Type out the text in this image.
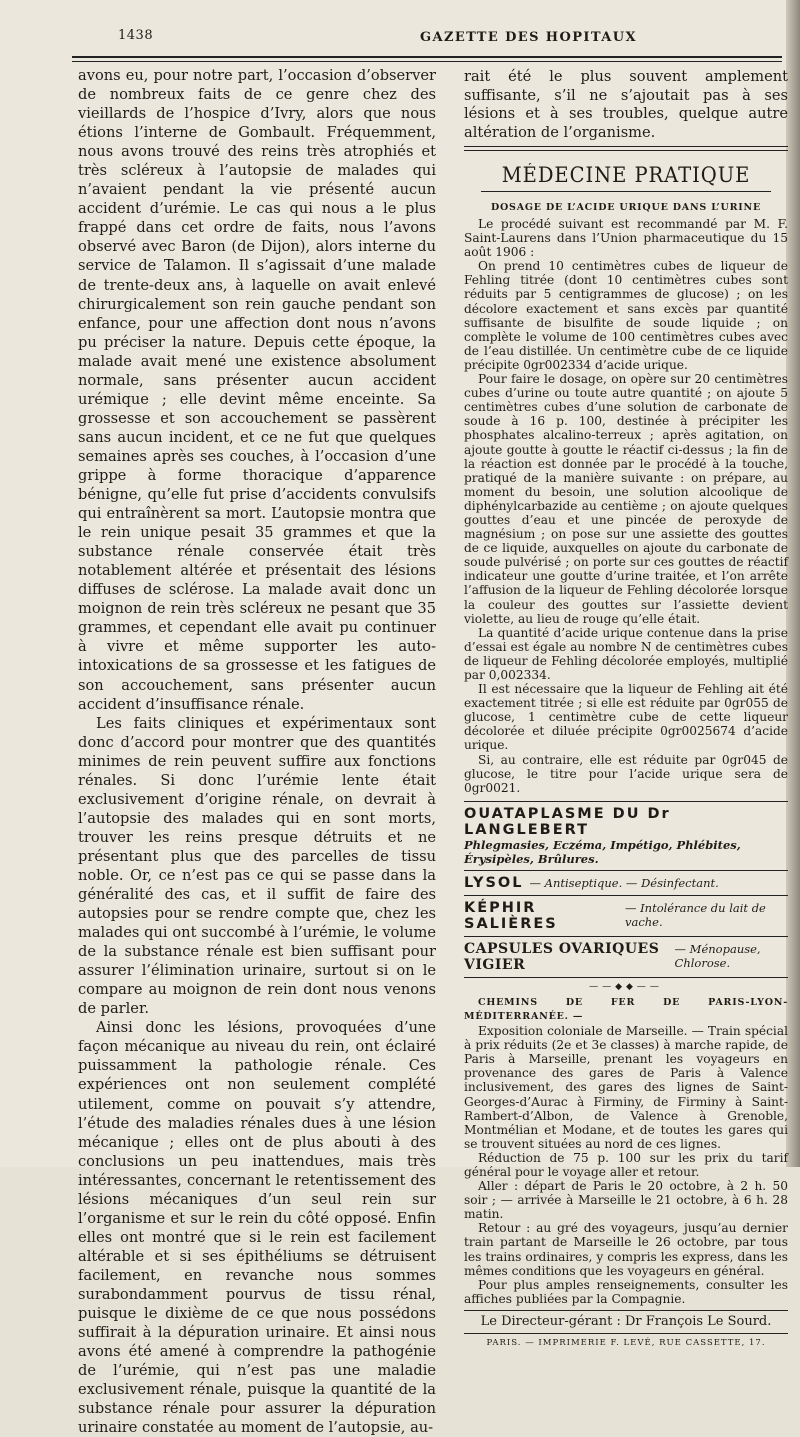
1438	GAZETTE DES HOPITAUX

avons eu, pour notre part, l’occasion d’observer de nombreux faits de ce genre chez des vieillards de l’hospice d’Ivry, alors que nous étions l’interne de Gombault. Fréquemment, nous avons trouvé des reins très atrophiés et très scléreux à l’autopsie de malades qui n’avaient pendant la vie présenté aucun accident d’urémie. Le cas qui nous a le plus frappé dans cet ordre de faits, nous l’avons observé avec Baron (de Dijon), alors interne du service de Talamon. Il s’agissait d’une malade de trente-deux ans, à laquelle on avait enlevé chirurgicalement son rein gauche pendant son enfance, pour une affection dont nous n’avons pu préciser la nature. Depuis cette époque, la malade avait mené une existence absolument normale, sans présenter aucun accident urémique ; elle devint même enceinte. Sa grossesse et son accouchement se passèrent sans aucun incident, et ce ne fut que quelques semaines après ses couches, à l’occasion d’une grippe à forme thoracique d’apparence bénigne, qu’elle fut prise d’accidents convulsifs qui entraînèrent sa mort. L’autopsie montra que le rein unique pesait 35 grammes et que la substance rénale conservée était très notablement altérée et présentait des lésions diffuses de sclérose. La malade avait donc un moignon de rein très scléreux ne pesant que 35 grammes, et cependant elle avait pu continuer à vivre et même supporter les auto-intoxications de sa grossesse et les fatigues de son accouchement, sans présenter aucun accident d’insuffisance rénale.

Les faits cliniques et expérimentaux sont donc d’accord pour montrer que des quantités minimes de rein peuvent suffire aux fonctions rénales. Si donc l’urémie lente était exclusivement d’origine rénale, on devrait à l’autopsie des malades qui en sont morts, trouver les reins presque détruits et ne présentant plus que des parcelles de tissu noble. Or, ce n’est pas ce qui se passe dans la généralité des cas, et il suffit de faire des autopsies pour se rendre compte que, chez les malades qui ont succombé à l’urémie, le volume de la substance rénale est bien suffisant pour assurer l’élimination urinaire, surtout si on le compare au moignon de rein dont nous venons de parler.

Ainsi donc les lésions, provoquées d’une façon mécanique au niveau du rein, ont éclairé puissamment la pathologie rénale. Ces expériences ont non seulement complété utilement, comme on pouvait s’y attendre, l’étude des maladies rénales dues à une lésion mécanique ; elles ont de plus abouti à des conclusions un peu inattendues, mais très intéressantes, concernant le retentissement des lésions mécaniques d’un seul rein sur l’organisme et sur le rein du côté opposé. Enfin elles ont montré que si le rein est facilement altérable et si ses épithéliums se détruisent facilement, en revanche nous sommes surabondamment pourvus de tissu rénal, puisque le dixième de ce que nous possédons suffirait à la dépuration urinaire. Et ainsi nous avons été amené à comprendre la pathogénie de l’urémie, qui n’est pas une maladie exclusivement rénale, puisque la quantité de la substance rénale pour assurer la dépuration urinaire constatée au moment de l’autopsie, au-

rait été le plus souvent amplement suffisante, s’il ne s’ajoutait pas à ses lésions et à ses troubles, quelque autre altération de l’organisme.

MÉDECINE PRATIQUE
DOSAGE DE L’ACIDE URIQUE DANS L’URINE

Le procédé suivant est recommandé par M. F. Saint-Laurens dans l’Union pharmaceutique du 15 août 1906 :

On prend 10 centimètres cubes de liqueur de Fehling titrée (dont 10 centimètres cubes sont réduits par 5 centigrammes de glucose) ; on les décolore exactement et sans excès par quantité suffisante de bisulfite de soude liquide ; on complète le volume de 100 centimètres cubes avec de l’eau distillée. Un centimètre cube de ce liquide précipite 0gr002334 d’acide urique.

Pour faire le dosage, on opère sur 20 centimètres cubes d’urine ou toute autre quantité ; on ajoute 5 centimètres cubes d’une solution de carbonate de soude à 16 p. 100, destinée à précipiter les phosphates alcalino-terreux ; après agitation, on ajoute goutte à goutte le réactif ci-dessus ; la fin de la réaction est donnée par le procédé à la touche, pratiqué de la manière suivante : on prépare, au moment du besoin, une solution alcoolique de diphénylcarbazide au centième ; on ajoute quelques gouttes d’eau et une pincée de peroxyde de magnésium ; on pose sur une assiette des gouttes de ce liquide, auxquelles on ajoute du carbonate de soude pulvérisé ; on porte sur ces gouttes de réactif indicateur une goutte d’urine traitée, et l’on arrête l’affusion de la liqueur de Fehling décolorée lorsque la couleur des gouttes sur l’assiette devient violette, au lieu de rouge qu’elle était.

La quantité d’acide urique contenue dans la prise d’essai est égale au nombre N de centimètres cubes de liqueur de Fehling décolorée employés, multiplié par 0,002334.

Il est nécessaire que la liqueur de Fehling ait été exactement titrée ; si elle est réduite par 0gr055 de glucose, 1 centimètre cube de cette liqueur décolorée et diluée précipite 0gr0025674 d’acide urique.

Si, au contraire, elle est réduite par 0gr045 de glucose, le titre pour l’acide urique sera de 0gr0021.

OUATAPLASME DU Dr LANGLEBERT
Phlegmasies, Eczéma, Impétigo, Phlébites, Érysipèles, Brûlures.
LYSOL — Antiseptique. — Désinfectant.
KÉPHIR SALIÈRES
— Intolérance du lait de vache.
CAPSULES OVARIQUES VIGIER
— Ménopause, Chlorose.
——◆◆——
CHEMINS DE FER DE PARIS-LYON-MÉDITERRANÉE. —

Exposition coloniale de Marseille. — Train spécial à prix réduits (2e et 3e classes) à marche rapide, de Paris à Marseille, prenant les voyageurs en provenance des gares de Paris à Valence inclusivement, des gares des lignes de Saint-Georges-d’Aurac à Firminy, de Firminy à Saint-Rambert-d’Albon, de Valence à Grenoble, Montmélian et Modane, et de toutes les gares qui se trouvent situées au nord de ces lignes.

Réduction de 75 p. 100 sur les prix du tarif général pour le voyage aller et retour.

Aller : départ de Paris le 20 octobre, à 2 h. 50 soir ; — arrivée à Marseille le 21 octobre, à 6 h. 28 matin.

Retour : au gré des voyageurs, jusqu’au dernier train partant de Marseille le 26 octobre, par tous les trains ordinaires, y compris les express, dans les mêmes conditions que les voyageurs en général.

Pour plus amples renseignements, consulter les affiches publiées par la Compagnie.

Le Directeur-gérant : Dr François Le Sourd.
PARIS. — IMPRIMERIE F. LEVÉ, RUE CASSETTE, 17.
